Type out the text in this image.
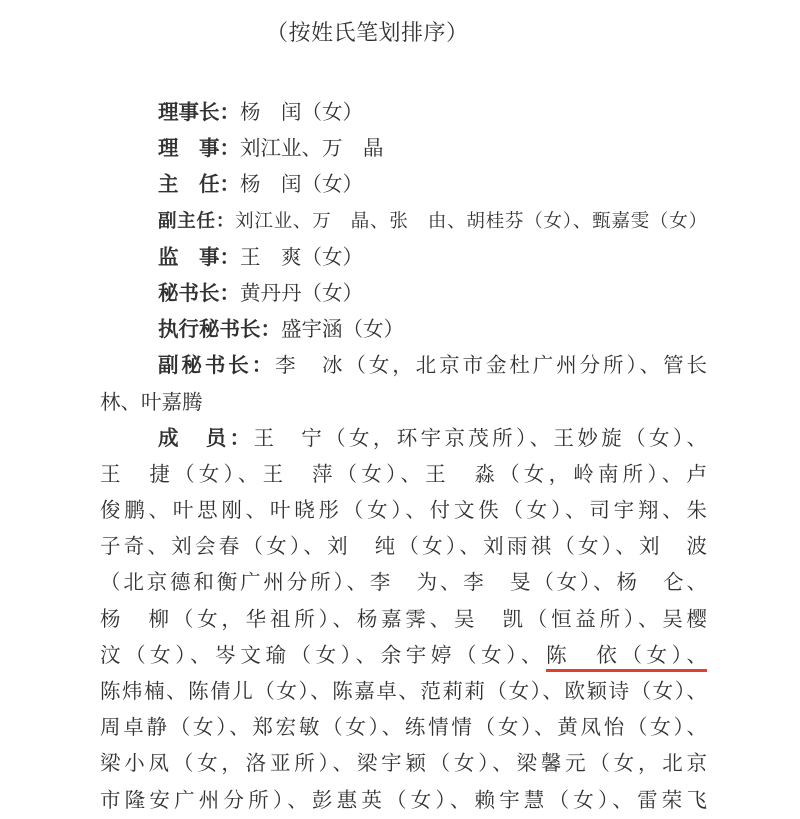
（按姓氏笔划排序）
理事长：杨　闰（女）
理　事：刘江业、万　晶
主　任：杨　闰（女）
副主任：刘江业、万　晶、张　由、胡桂芬（女）、甄嘉雯（女）
监　事：王　爽（女）
秘书长：黄丹丹（女）
执行秘书长：盛宇涵（女）
副秘书长：李　冰（女，北京市金杜广州分所）、管长
林、叶嘉腾
成　员：王　宁（女，环宇京茂所）、王妙旋（女）、
王　捷（女）、王　萍（女）、王　淼（女，岭南所）、卢
俊鹏、叶思刚、叶晓彤（女）、付文佚（女）、司宇翔、朱
子奇、刘会春（女）、刘　纯（女）、刘雨祺（女）、刘　波
（北京德和衡广州分所）、李　为、李　旻（女）、杨　仑、
杨　柳（女，华祖所）、杨嘉霁、吴　凯（恒益所）、吴樱
汶（女）、岑文瑜（女）、余宇婷（女）、陈　依（女）、
陈炜楠、陈倩儿（女）、陈嘉卓、范莉莉（女）、欧颖诗（女）、
周卓静（女）、郑宏敏（女）、练情情（女）、黄凤怡（女）、
梁小凤（女，洛亚所）、梁宇颖（女）、梁馨元（女，北京
市隆安广州分所）、彭惠英（女）、赖宇慧（女）、雷荣飞
